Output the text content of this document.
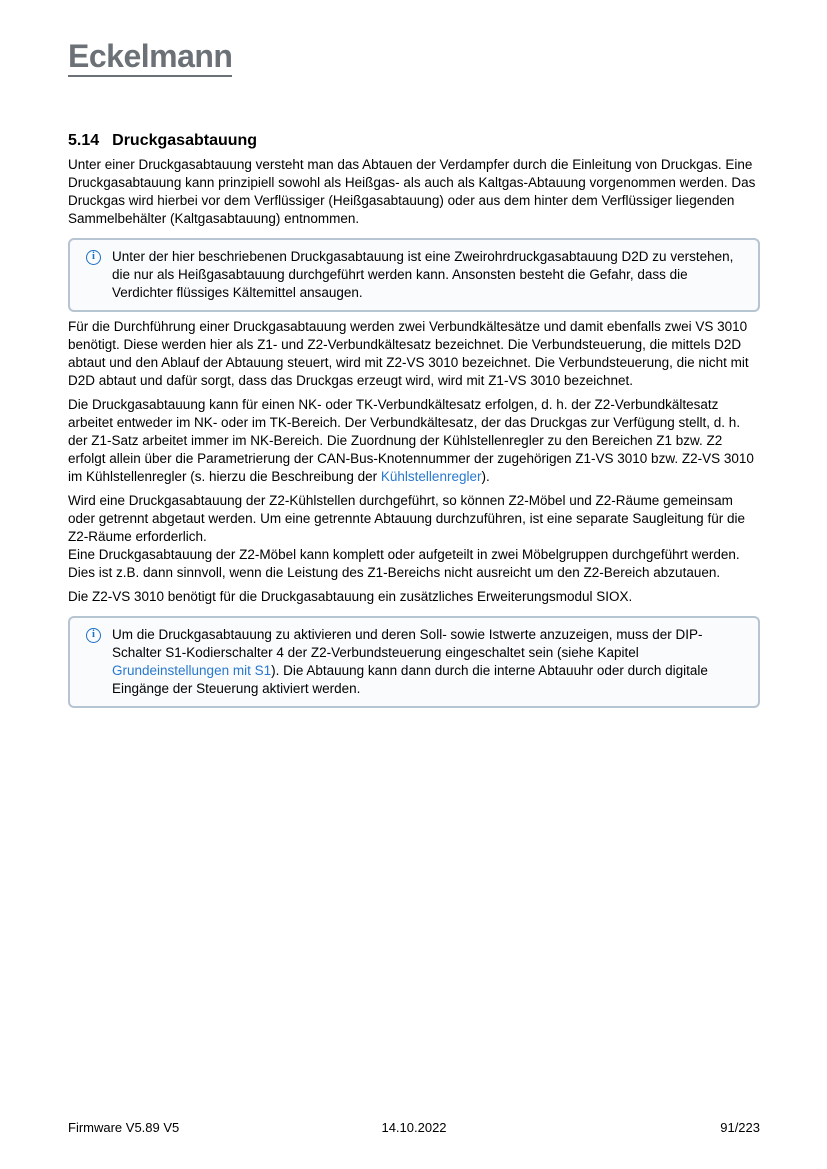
Eckelmann
5.14 Druckgasabtauung

Unter einer Druckgasabtauung versteht man das Abtauen der Verdampfer durch die Einleitung von Druckgas. Eine Druckgasabtauung kann prinzipiell sowohl als Heißgas- als auch als Kaltgas-Abtauung vorgenommen werden. Das Druckgas wird hierbei vor dem Verflüssiger (Heißgasabtauung) oder aus dem hinter dem Verflüssiger liegenden Sammelbehälter (Kaltgasabtauung) entnommen.

i	Unter der hier beschriebenen Druckgasabtauung ist eine Zweirohrdruckgasabtauung D2D zu verstehen, die nur als Heißgasabtauung durchgeführt werden kann. Ansonsten besteht die Gefahr, dass die Verdichter flüssiges Kältemittel ansaugen.

Für die Durchführung einer Druckgasabtauung werden zwei Verbundkältesätze und damit ebenfalls zwei VS 3010 benötigt. Diese werden hier als Z1- und Z2-Verbundkältesatz bezeichnet. Die Verbundsteuerung, die mittels D2D abtaut und den Ablauf der Abtauung steuert, wird mit Z2-VS 3010 bezeichnet. Die Verbundsteuerung, die nicht mit D2D abtaut und dafür sorgt, dass das Druckgas erzeugt wird, wird mit Z1-VS 3010 bezeichnet.

Die Druckgasabtauung kann für einen NK- oder TK-Verbundkältesatz erfolgen, d. h. der Z2-Verbundkältesatz arbeitet entweder im NK- oder im TK-Bereich. Der Verbundkältesatz, der das Druckgas zur Verfügung stellt, d. h. der Z1-Satz arbeitet immer im NK-Bereich. Die Zuordnung der Kühlstellenregler zu den Bereichen Z1 bzw. Z2 erfolgt allein über die Parametrierung der CAN-Bus-Knotennummer der zugehörigen Z1-VS 3010 bzw. Z2-VS 3010 im Kühlstellenregler (s. hierzu die Beschreibung der Kühlstellenregler).

Wird eine Druckgasabtauung der Z2-Kühlstellen durchgeführt, so können Z2-Möbel und Z2-Räume gemeinsam oder getrennt abgetaut werden. Um eine getrennte Abtauung durchzuführen, ist eine separate Saugleitung für die Z2-Räume erforderlich.
Eine Druckgasabtauung der Z2-Möbel kann komplett oder aufgeteilt in zwei Möbelgruppen durchgeführt werden. Dies ist z.B. dann sinnvoll, wenn die Leistung des Z1-Bereichs nicht ausreicht um den Z2-Bereich abzutauen.

Die Z2-VS 3010 benötigt für die Druckgasabtauung ein zusätzliches Erweiterungsmodul SIOX.

i	Um die Druckgasabtauung zu aktivieren und deren Soll- sowie Istwerte anzuzeigen, muss der DIP-Schalter S1-Kodierschalter 4 der Z2-Verbundsteuerung eingeschaltet sein (siehe Kapitel Grundeinstellungen mit S1). Die Abtauung kann dann durch die interne Abtauuhr oder durch digitale Eingänge der Steuerung aktiviert werden.

Firmware V5.89 V5	14.10.2022	91/223
